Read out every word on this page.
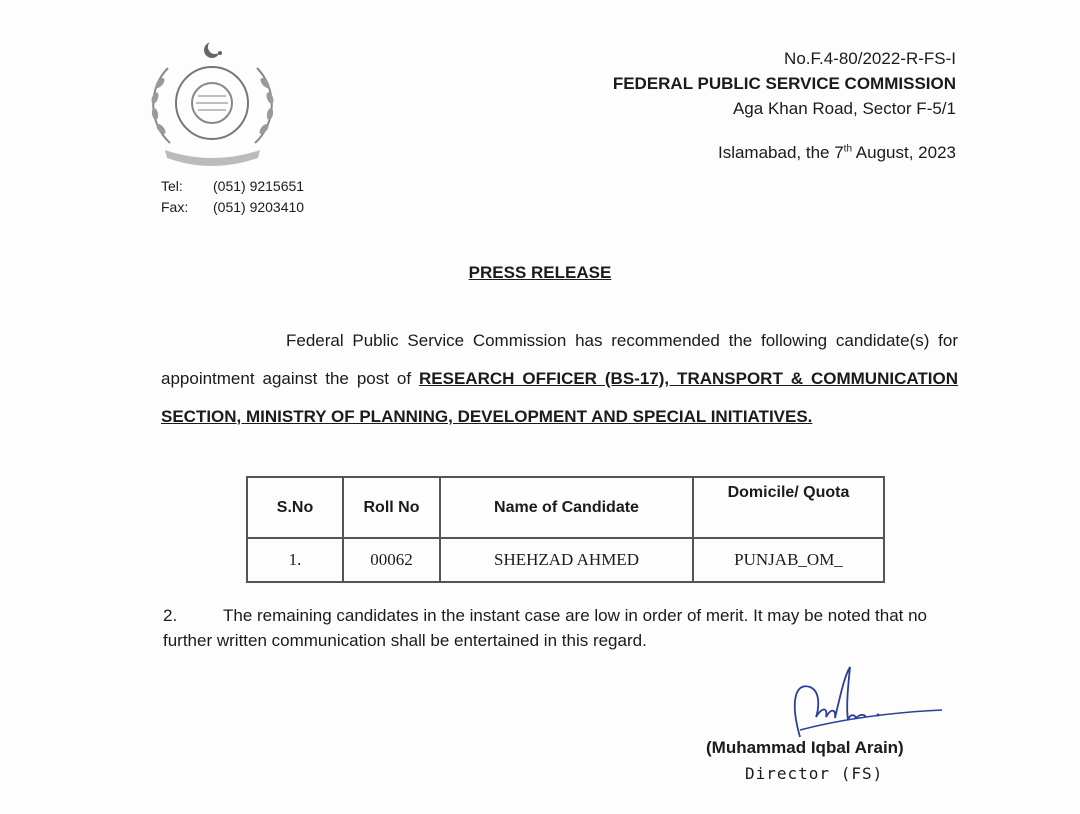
Tel:	(051) 9215651
Fax:	(051) 9203410
No.F.4-80/2022-R-FS-I
FEDERAL PUBLIC SERVICE COMMISSION
Aga Khan Road, Sector F-5/1
Islamabad, the 7th August, 2023
PRESS RELEASE
Federal Public Service Commission has recommended the following candidate(s) for appointment against the post of RESEARCH OFFICER (BS-17), TRANSPORT & COMMUNICATION SECTION, MINISTRY OF PLANNING, DEVELOPMENT AND SPECIAL INITIATIVES.
S.No	Roll No	Name of Candidate	Domicile/ Quota
1.	00062	SHEHZAD AHMED	PUNJAB_OM_
2.	The remaining candidates in the instant case are low in order of merit. It may be noted that no further written communication shall be entertained in this regard.
(Muhammad Iqbal Arain)
Director (FS)
